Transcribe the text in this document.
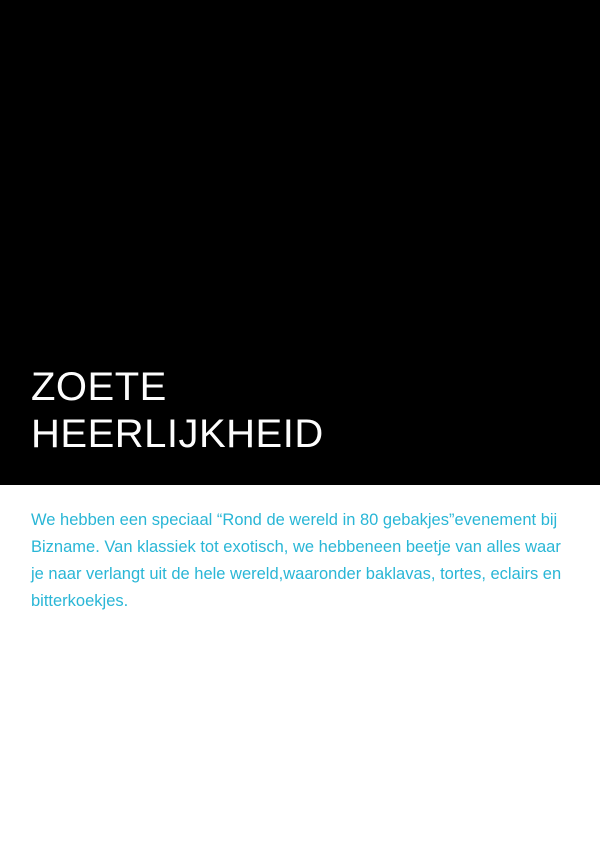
ZOETE
HEERLIJKHEID

We hebben een speciaal “Rond de wereld in 80 gebakjes”evenement bij Bizname. Van klassiek tot exotisch, we hebbeneen beetje van alles waar je naar verlangt uit de hele wereld,waaronder baklavas, tortes, eclairs en bitterkoekjes.
